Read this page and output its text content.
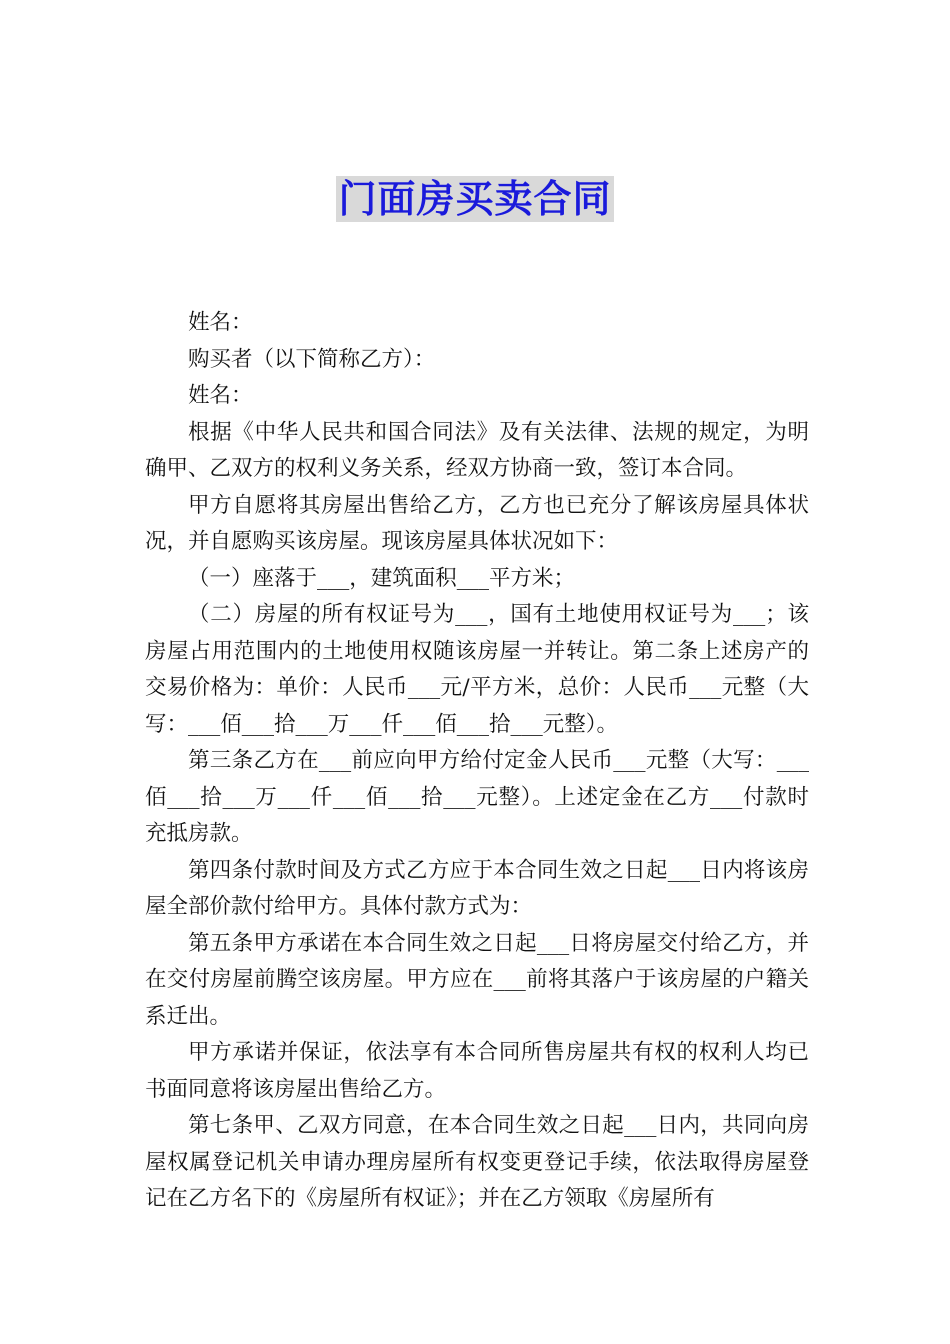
门面房买卖合同

姓名：

购买者（以下简称乙方）：

姓名：

根据《中华人民共和国合同法》及有关法律、法规的规定，为明确甲、乙双方的权利义务关系，经双方协商一致，签订本合同。

甲方自愿将其房屋出售给乙方，乙方也已充分了解该房屋具体状况，并自愿购买该房屋。现该房屋具体状况如下：

（一）座落于___，建筑面积___平方米；

（二）房屋的所有权证号为___，国有土地使用权证号为___；该房屋占用范围内的土地使用权随该房屋一并转让。第二条上述房产的交易价格为：单价：人民币___元/平方米，总价：人民币___元整（大写：___佰___拾___万___仟___佰___拾___元整）。

第三条乙方在___前应向甲方给付定金人民币___元整（大写：___佰___拾___万___仟___佰___拾___元整）。上述定金在乙方___付款时充抵房款。

第四条付款时间及方式乙方应于本合同生效之日起___日内将该房屋全部价款付给甲方。具体付款方式为：

第五条甲方承诺在本合同生效之日起___日将房屋交付给乙方，并在交付房屋前腾空该房屋。甲方应在___前将其落户于该房屋的户籍关系迁出。

甲方承诺并保证，依法享有本合同所售房屋共有权的权利人均已书面同意将该房屋出售给乙方。

第七条甲、乙双方同意，在本合同生效之日起___日内，共同向房屋权属登记机关申请办理房屋所有权变更登记手续，依法取得房屋登记在乙方名下的《房屋所有权证》；并在乙方领取《房屋所有
